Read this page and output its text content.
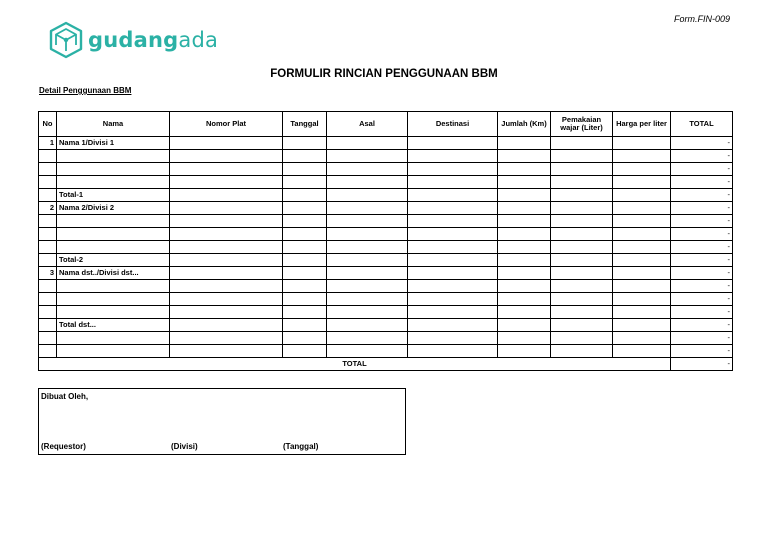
gudangada
Form.FIN-009
FORMULIR RINCIAN PENGGUNAAN BBM
Detail Penggunaan BBM
No	Nama	Nomor Plat	Tanggal	Asal	Destinasi	Jumlah (Km)	Pemakaian wajar (Liter)	Harga per liter	TOTAL
1	Nama 1/Divisi 1								-
									-
									-
									-
	Total-1								-
2	Nama 2/Divisi 2								-
									-
									-
									-
	Total-2								-
3	Nama dst../Divisi dst...								-
									-
									-
									-
	Total dst...								-
									-
									-
TOTAL									-
Dibuat Oleh,
(Requestor)	(Divisi)	(Tanggal)
